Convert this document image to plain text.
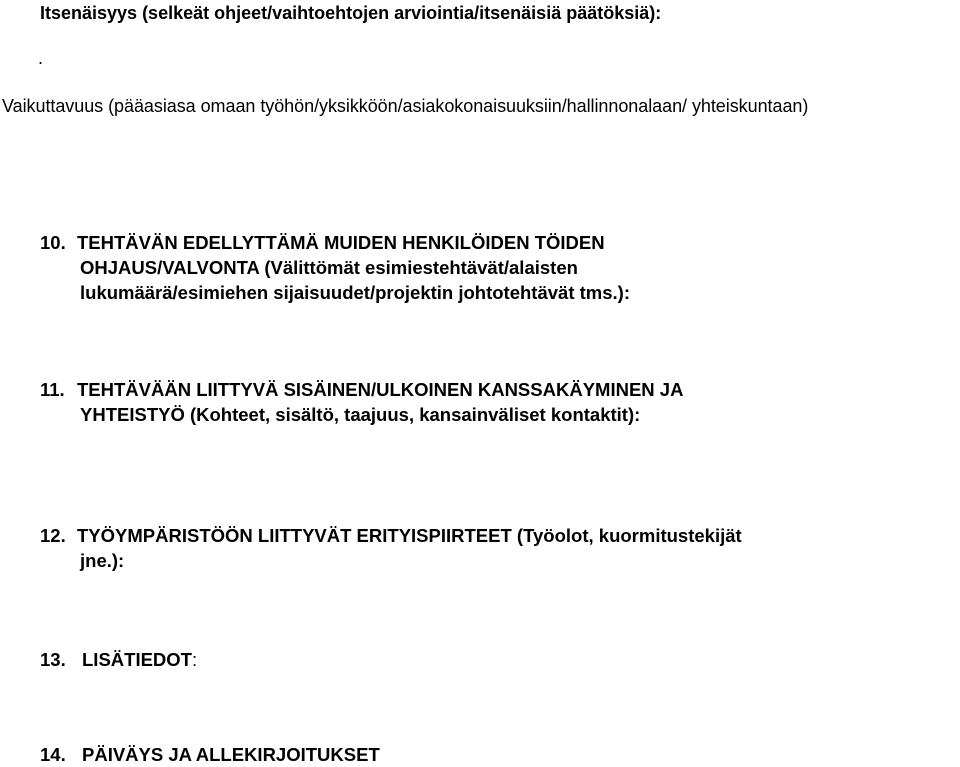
Itsenäisyys (selkeät ohjeet/vaihtoehtojen arviointia/itsenäisiä päätöksiä):

.

Vaikuttavuus (pääasiasa omaan työhön/yksikköön/asiakokonaisuuksiin/hallinnonalaan/ yhteiskuntaan)

10. TEHTÄVÄN EDELLYTTÄMÄ MUIDEN HENKILÖIDEN TÖIDEN
OHJAUS/VALVONTA (Välittömät esimiestehtävät/alaisten
lukumäärä/esimiehen sijaisuudet/projektin johtotehtävät tms.):
11. TEHTÄVÄÄN LIITTYVÄ SISÄINEN/ULKOINEN KANSSAKÄYMINEN JA
YHTEISTYÖ (Kohteet, sisältö, taajuus, kansainväliset kontaktit):
12. TYÖYMPÄRISTÖÖN LIITTYVÄT ERITYISPIIRTEET (Työolot, kuormitustekijät
jne.):
13. LISÄTIEDOT:
14. PÄIVÄYS JA ALLEKIRJOITUKSET
